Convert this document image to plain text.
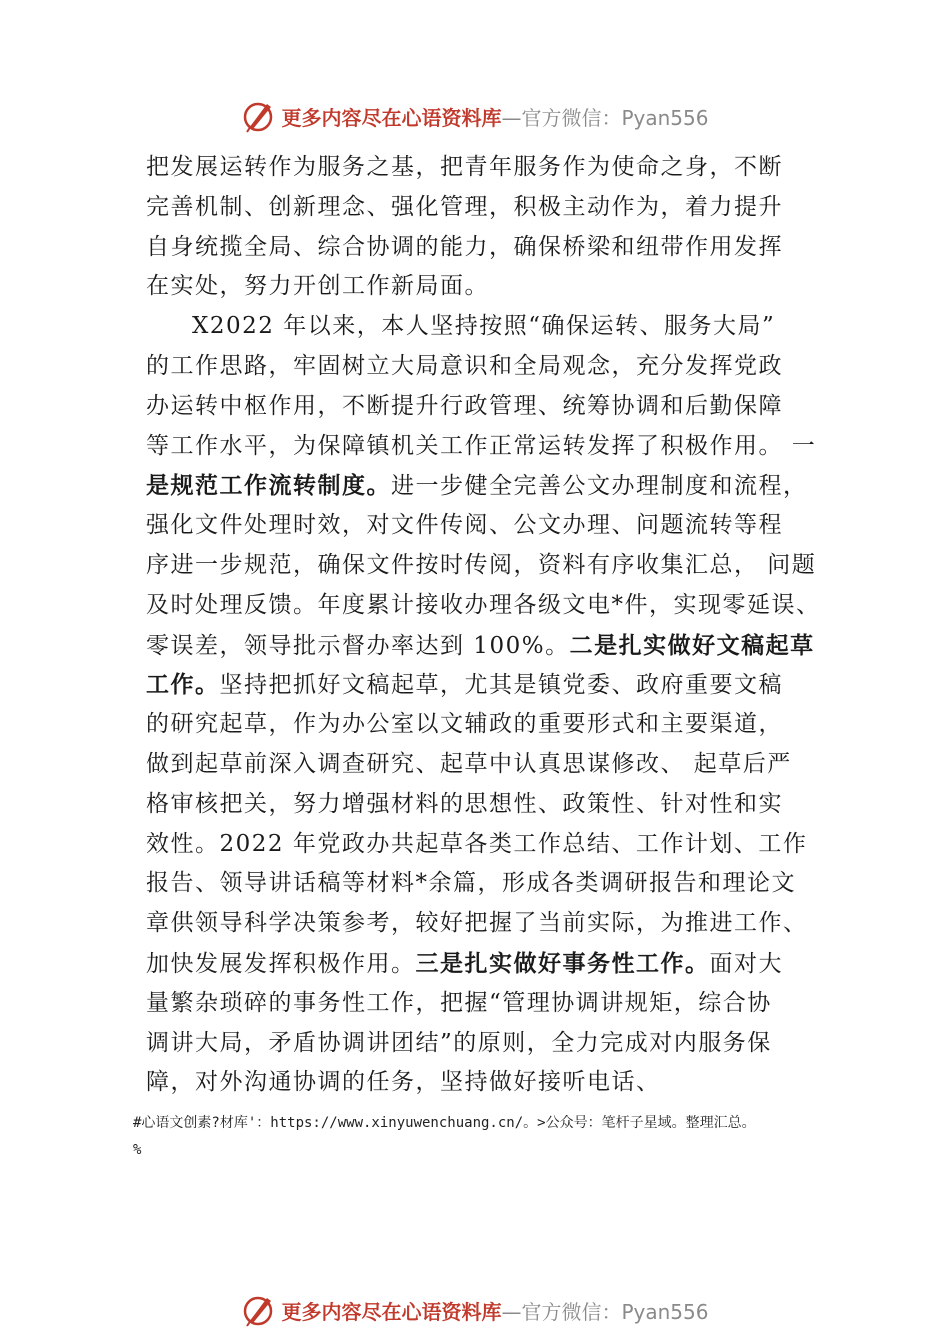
更多内容尽在心语资料库 —官方微信：Pyan556
把发展运转作为服务之基，把青年服务作为使命之身，不断
完善机制、创新理念、强化管理，积极主动作为，着力提升
自身统揽全局、综合协调的能力，确保桥梁和纽带作用发挥
在实处，努力开创工作新局面。
X2022 年以来，本人坚持按照“确保运转、服务大局”
的工作思路，牢固树立大局意识和全局观念，充分发挥党政
办运转中枢作用，不断提升行政管理、统筹协调和后勤保障
等工作水平，为保障镇机关工作正常运转发挥了积极作用。 一
是规范工作流转制度。进一步健全完善公文办理制度和流程，
强化文件处理时效，对文件传阅、公文办理、问题流转等程
序进一步规范，确保文件按时传阅，资料有序收集汇总， 问题
及时处理反馈。年度累计接收办理各级文电*件，实现零延误、
零误差，领导批示督办率达到 100%。二是扎实做好文稿起草
工作。坚持把抓好文稿起草，尤其是镇党委、政府重要文稿
的研究起草，作为办公室以文辅政的重要形式和主要渠道，
做到起草前深入调查研究、起草中认真思谋修改、 起草后严
格审核把关，努力增强材料的思想性、政策性、针对性和实
效性。2022 年党政办共起草各类工作总结、工作计划、工作
报告、领导讲话稿等材料*余篇，形成各类调研报告和理论文
章供领导科学决策参考，较好把握了当前实际，为推进工作、
加快发展发挥积极作用。三是扎实做好事务性工作。面对大
量繁杂琐碎的事务性工作，把握“管理协调讲规矩，综合协
调讲大局，矛盾协调讲团结”的原则，全力完成对内服务保
障，对外沟通协调的任务，坚持做好接听电话、
#心语文创素?材库'：https://www.xinyuwenchuang.cn/。>公众号：笔杆子星域。整理汇总。
%
更多内容尽在心语资料库 —官方微信：Pyan556
